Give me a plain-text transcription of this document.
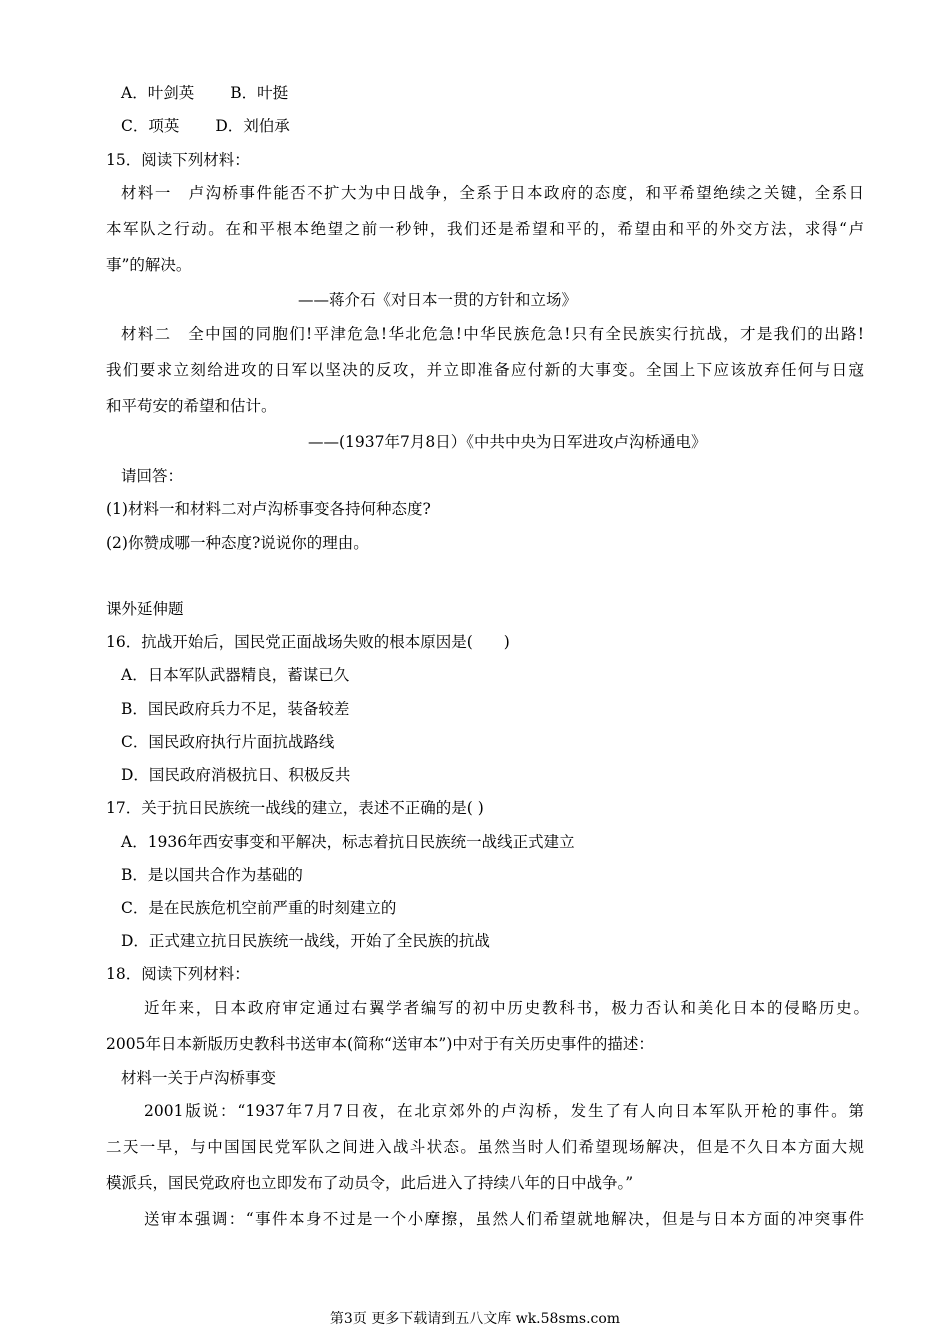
A．叶剑英 B．叶挺
C．项英 D．刘伯承
15．阅读下列材料：
材料一　卢沟桥事件能否不扩大为中日战争，全系于日本政府的态度，和平希望绝续之关键，全系日
本军队之行动。在和平根本绝望之前一秒钟，我们还是希望和平的，希望由和平的外交方法，求得“卢
事”的解决。
——蒋介石《对日本一贯的方针和立场》
材料二　全中国的同胞们!平津危急!华北危急!中华民族危急!只有全民族实行抗战，才是我们的出路!
我们要求立刻给进攻的日军以坚决的反攻，并立即准备应付新的大事变。全国上下应该放弃任何与日寇
和平苟安的希望和估计。
——(1937年7月8日）《中共中央为日军进攻卢沟桥通电》
请回答：
(1)材料一和材料二对卢沟桥事变各持何种态度?
(2)你赞成哪一种态度?说说你的理由。
课外延伸题
16．抗战开始后，国民党正面战场失败的根本原因是(　　)
A．日本军队武器精良，蓄谋已久
B．国民政府兵力不足，装备较差
C．国民政府执行片面抗战路线
D．国民政府消极抗日、积极反共
17．关于抗日民族统一战线的建立，表述不正确的是( )
A．1936年西安事变和平解决，标志着抗日民族统一战线正式建立
B．是以国共合作为基础的
C．是在民族危机空前严重的时刻建立的
D．正式建立抗日民族统一战线，开始了全民族的抗战
18．阅读下列材料：
近年来，日本政府审定通过右翼学者编写的初中历史教科书，极力否认和美化日本的侵略历史。
2005年日本新版历史教科书送审本(简称“送审本”)中对于有关历史事件的描述：
材料一关于卢沟桥事变
2001版说：“1937年7月7日夜，在北京郊外的卢沟桥，发生了有人向日本军队开枪的事件。第
二天一早，与中国国民党军队之间进入战斗状态。虽然当时人们希望现场解决，但是不久日本方面大规
模派兵，国民党政府也立即发布了动员令，此后进入了持续八年的日中战争。”
送审本强调：“事件本身不过是一个小摩擦，虽然人们希望就地解决，但是与日本方面的冲突事件
第3页 更多下载请到五八文库 wk.58sms.com
